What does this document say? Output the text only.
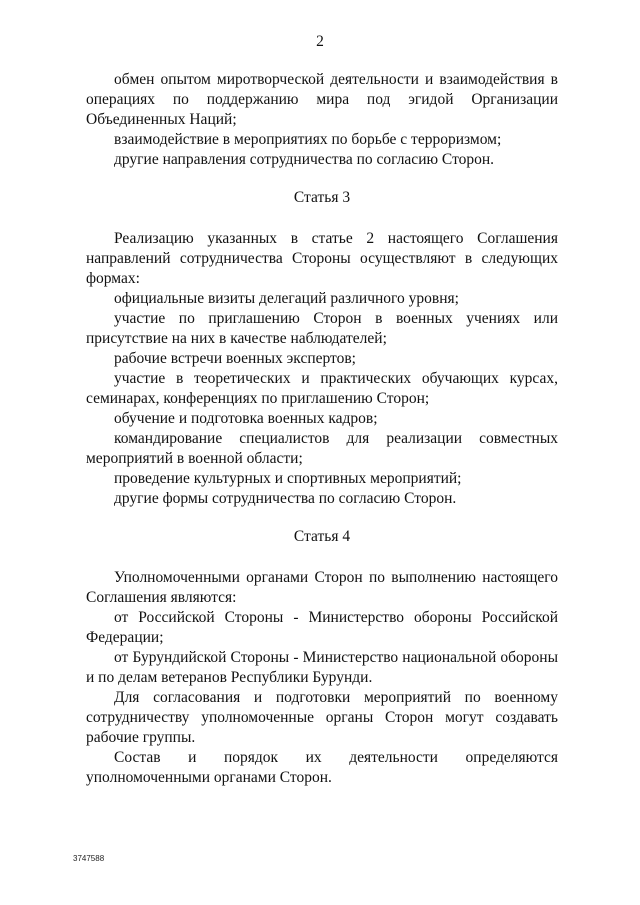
2

обмен опытом миротворческой деятельности и взаимодействия в операциях по поддержанию мира под эгидой Организации Объединенных Наций;

взаимодействие в мероприятиях по борьбе с терроризмом;

другие направления сотрудничества по согласию Сторон.

Статья 3

Реализацию указанных в статье 2 настоящего Соглашения направлений сотрудничества Стороны осуществляют в следующих формах:

официальные визиты делегаций различного уровня;

участие по приглашению Сторон в военных учениях или присутствие на них в качестве наблюдателей;

рабочие встречи военных экспертов;

участие в теоретических и практических обучающих курсах, семинарах, конференциях по приглашению Сторон;

обучение и подготовка военных кадров;

командирование специалистов для реализации совместных мероприятий в военной области;

проведение культурных и спортивных мероприятий;

другие формы сотрудничества по согласию Сторон.

Статья 4

Уполномоченными органами Сторон по выполнению настоящего Соглашения являются:

от Российской Стороны - Министерство обороны Российской Федерации;

от Бурундийской Стороны - Министерство национальной обороны и по делам ветеранов Республики Бурунди.

Для согласования и подготовки мероприятий по военному сотрудничеству уполномоченные органы Сторон могут создавать рабочие группы.

Состав и порядок их деятельности определяются уполномоченными органами Сторон.

3747588
